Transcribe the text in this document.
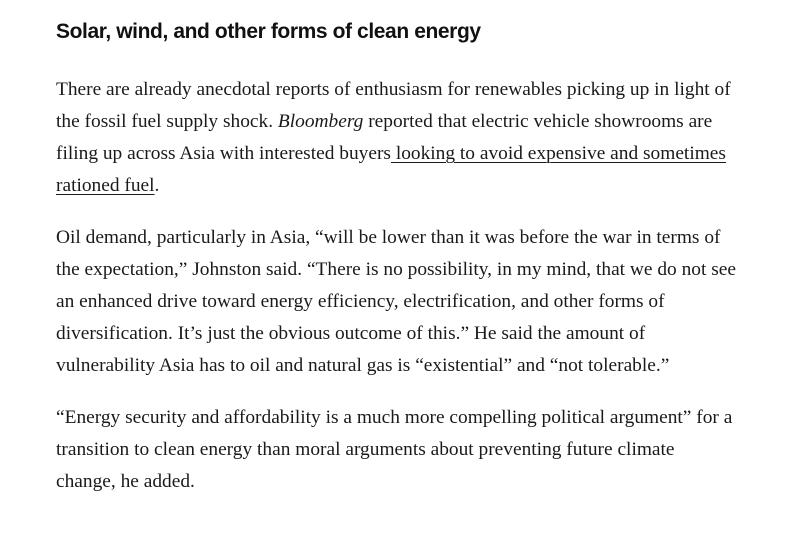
Solar, wind, and other forms of clean energy

There are already anecdotal reports of enthusiasm for renewables picking up in light of the fossil fuel supply shock. Bloomberg reported that electric vehicle showrooms are filing up across Asia with interested buyers looking to avoid expensive and sometimes rationed fuel.

Oil demand, particularly in Asia, “will be lower than it was before the war in terms of the expectation,” Johnston said. “There is no possibility, in my mind, that we do not see an enhanced drive toward energy efficiency, electrification, and other forms of diversification. It’s just the obvious outcome of this.” He said the amount of vulnerability Asia has to oil and natural gas is “existential” and “not tolerable.”

“Energy security and affordability is a much more compelling political argument” for a transition to clean energy than moral arguments about preventing future climate change, he added.
